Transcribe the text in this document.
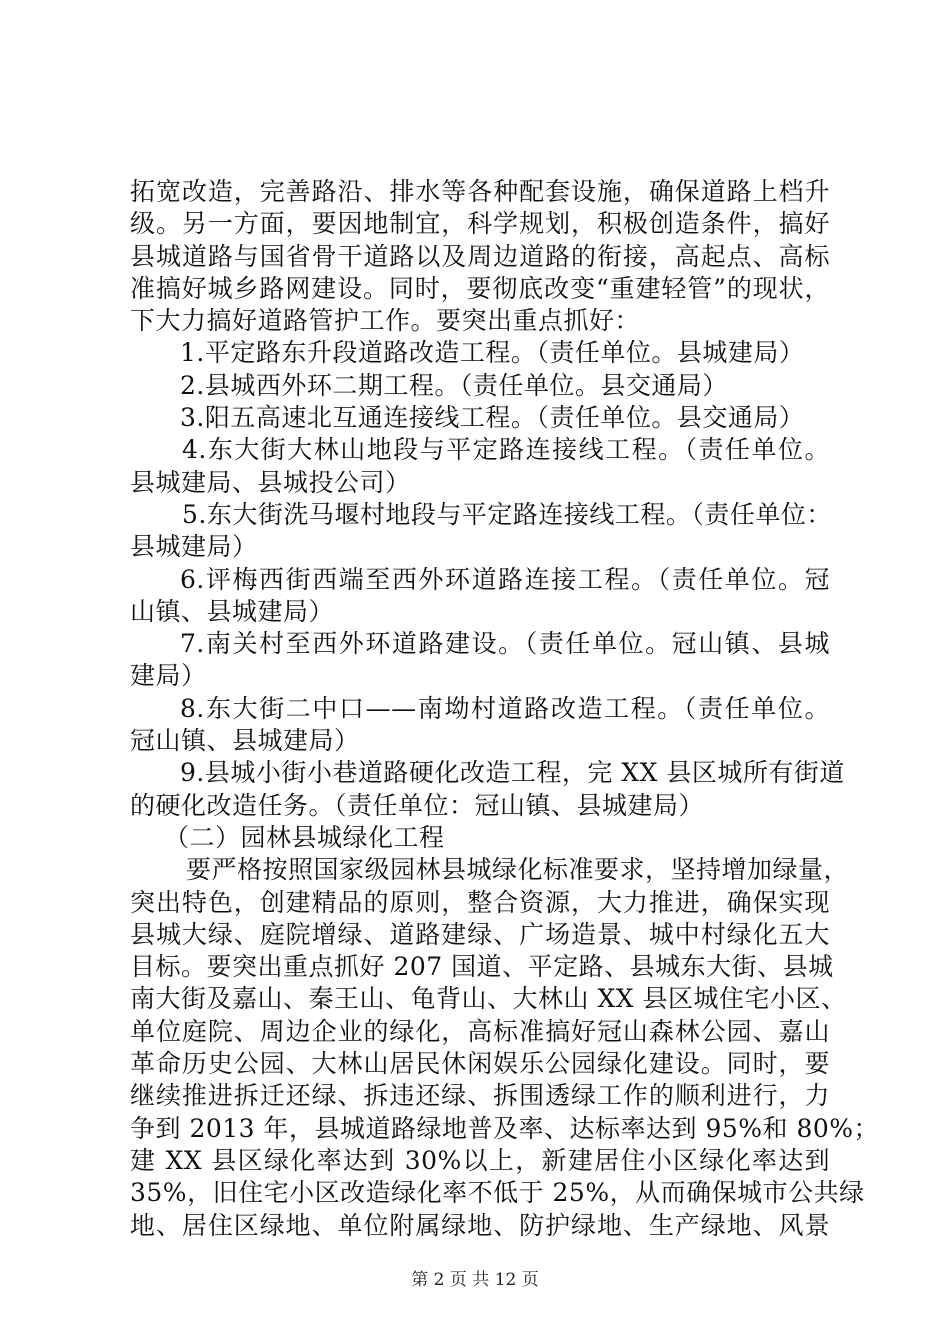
拓宽改造，完善路沿、排水等各种配套设施，确保道路上档升
级。另一方面，要因地制宜，科学规划，积极创造条件，搞好
县城道路与国省骨干道路以及周边道路的衔接，高起点、高标
准搞好城乡路网建设。同时，要彻底改变“重建轻管”的现状，
下大力搞好道路管护工作。要突出重点抓好：
1.平定路东升段道路改造工程。（责任单位。县城建局）
2.县城西外环二期工程。（责任单位。县交通局）
3.阳五高速北互通连接线工程。（责任单位。县交通局）
4.东大街大林山地段与平定路连接线工程。（责任单位。
县城建局、县城投公司）
5.东大街洗马堰村地段与平定路连接线工程。（责任单位：
县城建局）
6.评梅西街西端至西外环道路连接工程。（责任单位。冠
山镇、县城建局）
7.南关村至西外环道路建设。（责任单位。冠山镇、县城
建局）
8.东大街二中口——南坳村道路改造工程。（责任单位。
冠山镇、县城建局）
9.县城小街小巷道路硬化改造工程，完 XX 县区城所有街道
的硬化改造任务。（责任单位：冠山镇、县城建局）
（二）园林县城绿化工程
要严格按照国家级园林县城绿化标准要求，坚持增加绿量，
突出特色，创建精品的原则，整合资源，大力推进，确保实现
县城大绿、庭院增绿、道路建绿、广场造景、城中村绿化五大
目标。要突出重点抓好 207 国道、平定路、县城东大街、县城
南大街及嘉山、秦王山、龟背山、大林山 XX 县区城住宅小区、
单位庭院、周边企业的绿化，高标准搞好冠山森林公园、嘉山
革命历史公园、大林山居民休闲娱乐公园绿化建设。同时，要
继续推进拆迁还绿、拆违还绿、拆围透绿工作的顺利进行，力
争到 2013 年，县城道路绿地普及率、达标率达到 95%和 80%；
建 XX 县区绿化率达到 30%以上，新建居住小区绿化率达到
35%，旧住宅小区改造绿化率不低于 25%，从而确保城市公共绿
地、居住区绿地、单位附属绿地、防护绿地、生产绿地、风景
第 2 页 共 12 页
